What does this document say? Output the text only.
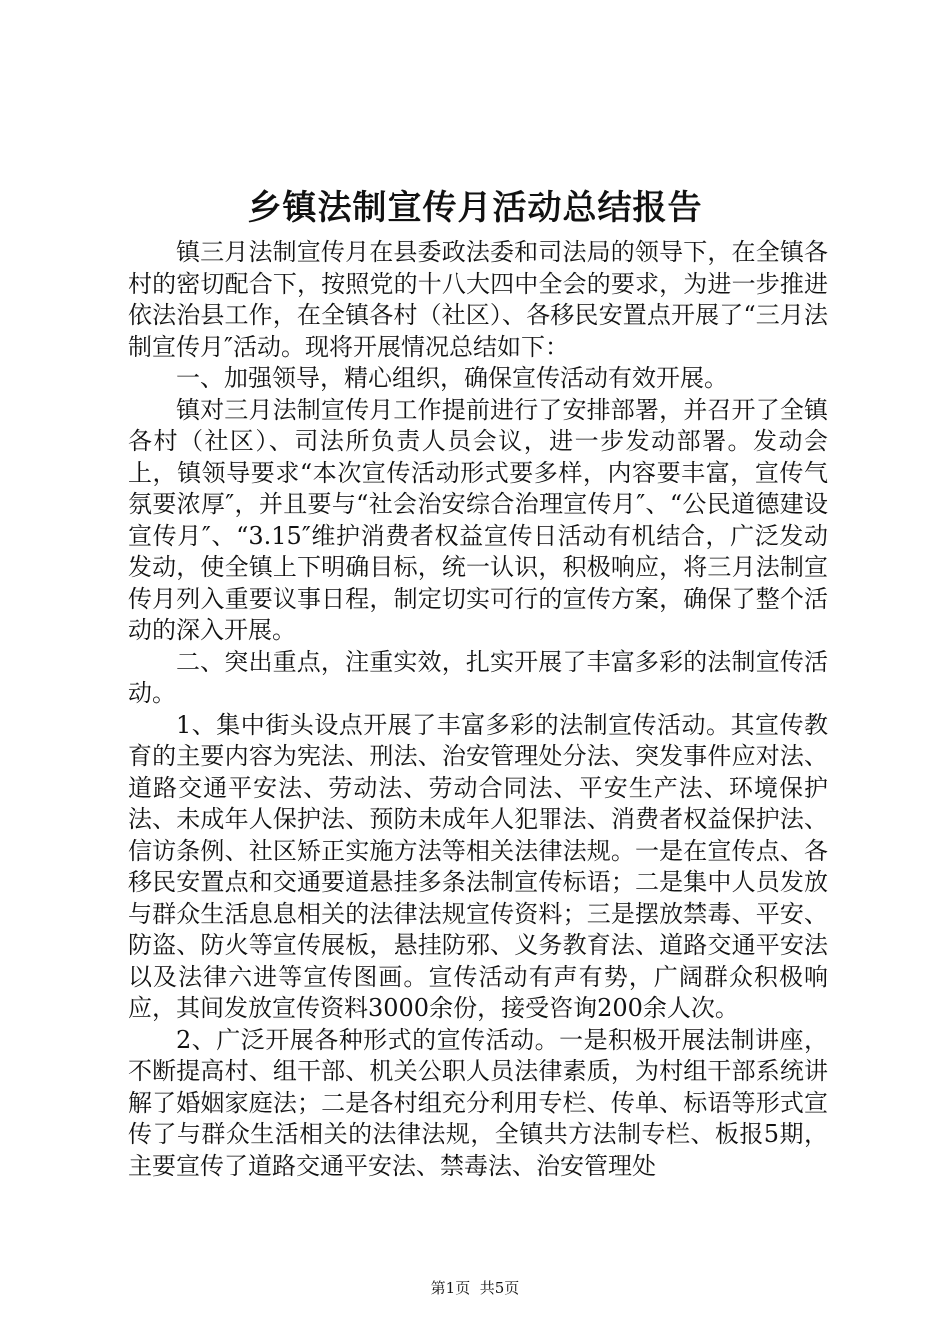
乡镇法制宣传月活动总结报告

镇三月法制宣传月在县委政法委和司法局的领导下，在全镇各村的密切配合下，按照党的十八大四中全会的要求，为进一步推进依法治县工作，在全镇各村（社区）、各移民安置点开展了“三月法制宣传月″活动。现将开展情况总结如下：

一、加强领导，精心组织，确保宣传活动有效开展。

镇对三月法制宣传月工作提前进行了安排部署，并召开了全镇各村（社区）、司法所负责人员会议，进一步发动部署。发动会上，镇领导要求“本次宣传活动形式要多样，内容要丰富，宣传气氛要浓厚″，并且要与“社会治安综合治理宣传月″、“公民道德建设宣传月″、“3.15″维护消费者权益宣传日活动有机结合，广泛发动发动，使全镇上下明确目标，统一认识，积极响应，将三月法制宣传月列入重要议事日程，制定切实可行的宣传方案，确保了整个活动的深入开展。

二、突出重点，注重实效，扎实开展了丰富多彩的法制宣传活动。

1、集中街头设点开展了丰富多彩的法制宣传活动。其宣传教育的主要内容为宪法、刑法、治安管理处分法、突发事件应对法、道路交通平安法、劳动法、劳动合同法、平安生产法、环境保护法、未成年人保护法、预防未成年人犯罪法、消费者权益保护法、信访条例、社区矫正实施方法等相关法律法规。一是在宣传点、各移民安置点和交通要道悬挂多条法制宣传标语；二是集中人员发放与群众生活息息相关的法律法规宣传资料；三是摆放禁毒、平安、防盗、防火等宣传展板，悬挂防邪、义务教育法、道路交通平安法以及法律六进等宣传图画。宣传活动有声有势，广阔群众积极响应，其间发放宣传资料3000余份，接受咨询200余人次。

2、广泛开展各种形式的宣传活动。一是积极开展法制讲座，不断提高村、组干部、机关公职人员法律素质，为村组干部系统讲解了婚姻家庭法；二是各村组充分利用专栏、传单、标语等形式宣传了与群众生活相关的法律法规，全镇共方法制专栏、板报5期，主要宣传了道路交通平安法、禁毒法、治安管理处

第1页 共5页
